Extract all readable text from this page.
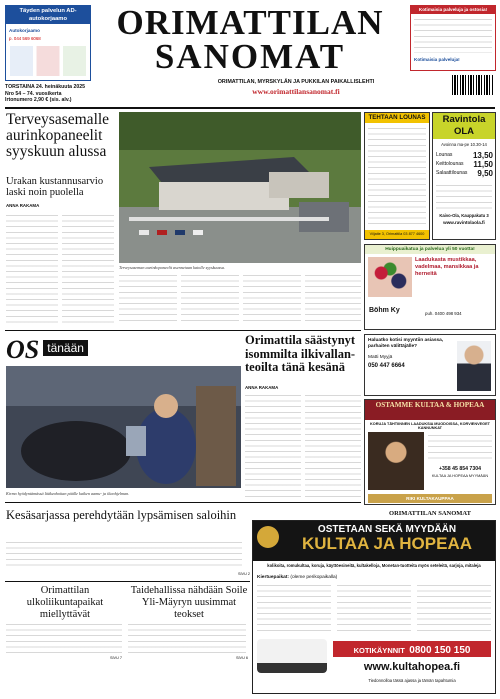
Täyden palvelun AD-autokorjaamo
Autokorjaamo
p. 044 569 6068	ORIMATTILAN
SANOMAT
ORIMATTILAN, MYRSKYLÄN JA PUKKILAN PAIKALLISLEHTI
www.orimattilansanomat.fi
TORSTAINA 24. heinäkuuta 2025
Nro 54 – 74. vuosikerta
Irtonumero 2,90 € (sis. alv.)
Kotimaisia palveluja ja ostosia!
Kotimaisia palveluja!
Terveysasemalle aurinkopaneelit syyskuun alussa
Urakan kustannusarvio laski noin puolella
ANNA RAKAMA
Terveysaseman aurinkopaneelit asennetaan katolle syyskuussa.
TEHTAAN LOUNAS
Viljatie 3, Orimattila 03 877 4600
Ravintola OLA
Avoinna ma-pe 10.30-14
Lounas	13,50
Keittolounas 11,50
Salaattilounas 9,50
Kaivo-Ola, Kauppakatu 3
www.ravintolaola.fi
Huippuaikatua ja palvelua yli 50 vuotta!
Laadukasta mustikkaa, vadelmaa, mansikkaa ja herneitä
Böhm Ky	puh. 0400 498 934
OS $^{tänään}$
Kirmo hyödyntämässä lääkeahoitan päälle kaiken aamu- ja iltaohjelman.
Orimattila säästynyt isommilta ilkivallan-teoilta tänä kesänä
ANNA RAKAMA
Haluatko kotisi myyntiin asiassa, parhaiten välittäjälle?
Matti Myyjä
050 447 6664
OSTAMME KULTAA & HOPEAA
KORUJA TÄHTIINNEN LAADUKSIA MUODOISSA, KORVIENVEGET KANNUNKAT
+358 45 854 7304
KULTAA JA HOPEAA MYYMÄÄN
RIKI KULTAKAUPPAA
ORIMATTILAN SANOMAT
Kesäsarjassa perehdytään lypsämisen saloihin
SIVU 2
Orimattilan ulkoliikuntapaikat miellyttävät
SIVU 7
Taidehallissa nähdään Soile Yli-Mäyryn uusimmat teokset
SIVU 6
OSTETAAN SEKÄ MYYDÄÄN
KULTAA JA HOPEAA
kolikoita, romukultaa, koruja, käyttöesineitä, kultakelloja, Monetan-tuotteita myös seteleitä, sarjoja, mitaleja
Kiertuepaikat: (oleme perikopaikalla)
KOTIKÄYNNIT 0800 150 150
www.kultahopea.fi
Tiedonnolloa tässä ajassa ja tämän tapahtumia
